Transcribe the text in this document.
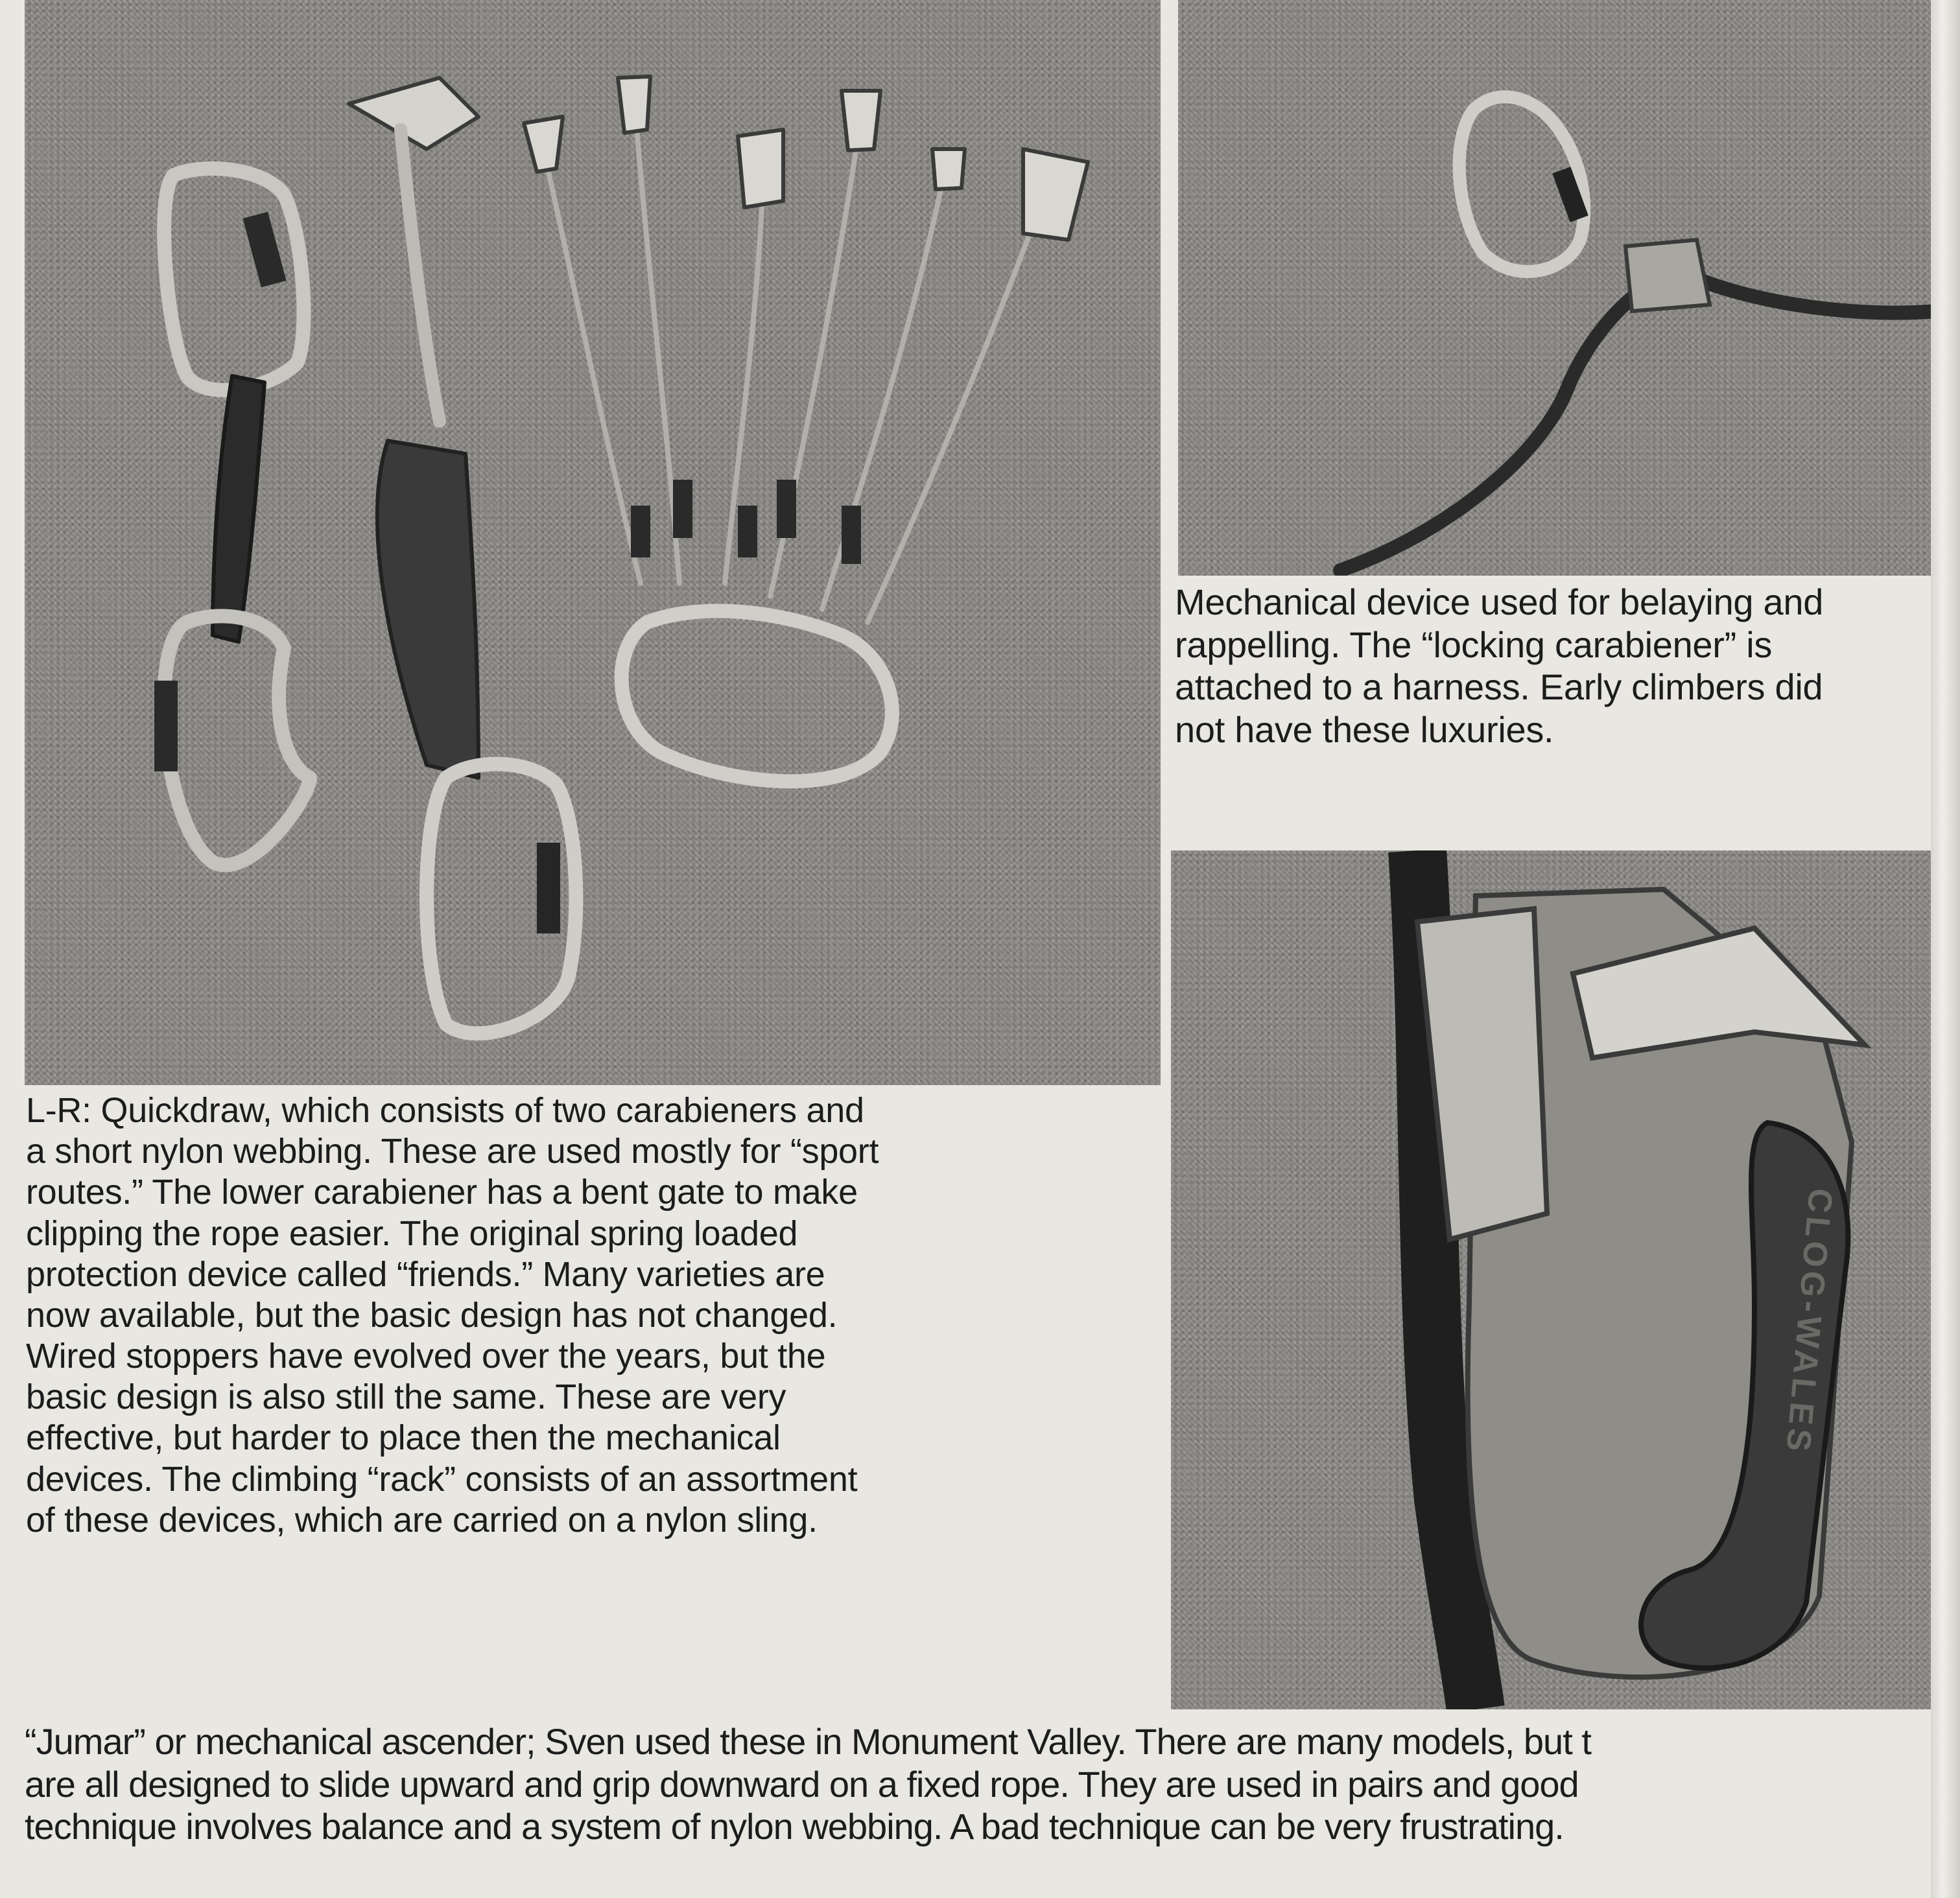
CLOG-WALES

L-R: Quickdraw, which consists of two carabieners and
a short nylon webbing. These are used mostly for “sport
routes.” The lower carabiener has a bent gate to make
clipping the rope easier. The original spring loaded
protection device called “friends.” Many varieties are
now available, but the basic design has not changed.
Wired stoppers have evolved over the years, but the
basic design is also still the same. These are very
effective, but harder to place then the mechanical
devices. The climbing “rack” consists of an assortment
of these devices, which are carried on a nylon sling.

Mechanical device used for belaying and
rappelling. The “locking carabiener” is
attached to a harness. Early climbers did
not have these luxuries.

“Jumar” or mechanical ascender; Sven used these in Monument Valley. There are many models, but t
are all designed to slide upward and grip downward on a fixed rope. They are used in pairs and good
technique involves balance and a system of nylon webbing. A bad technique can be very frustrating.
